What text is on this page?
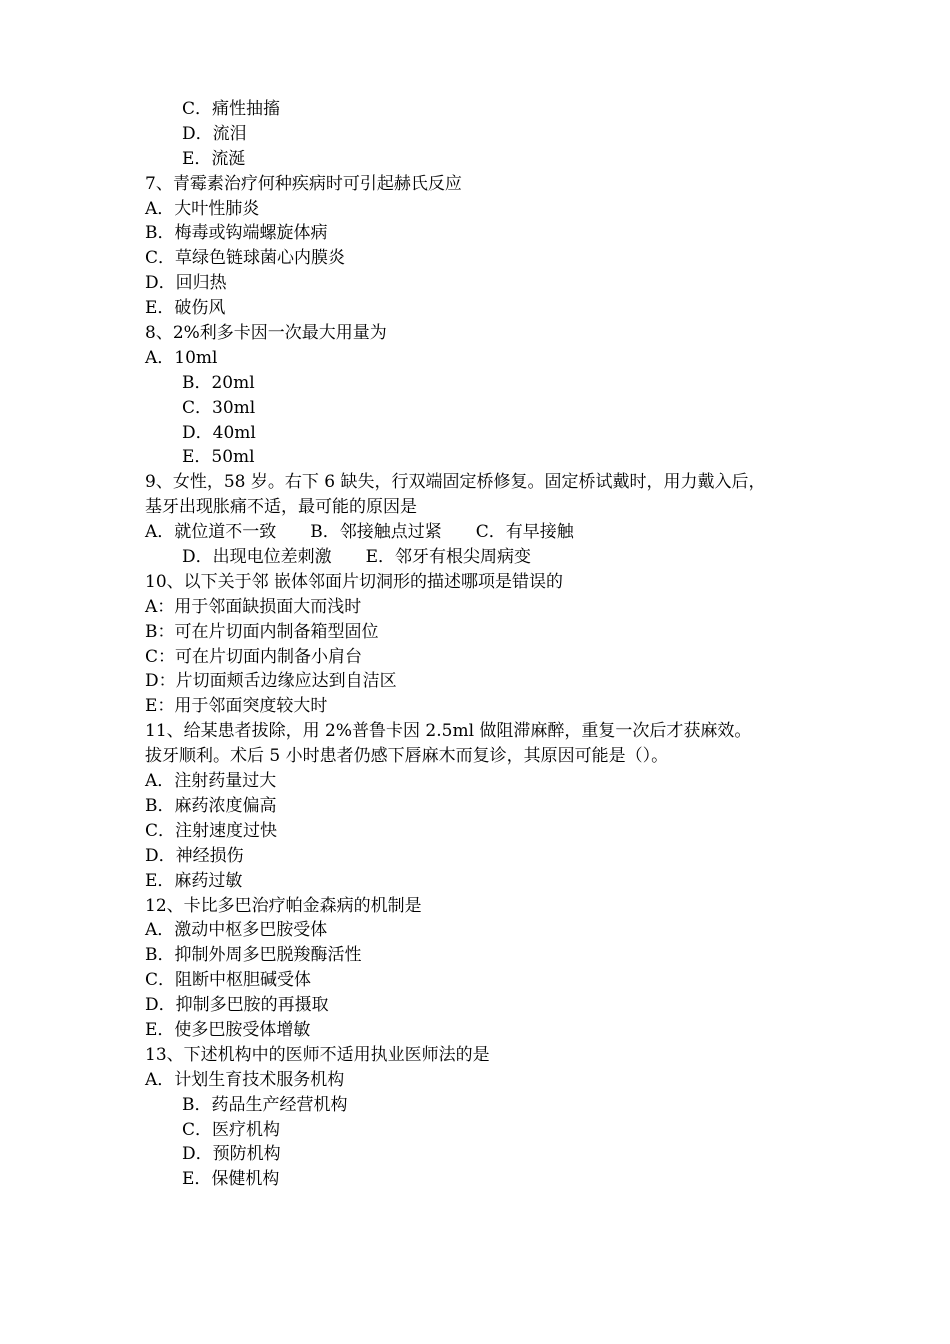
C．痛性抽搐
D．流泪
E．流涎
7、青霉素治疗何种疾病时可引起赫氏反应
A．大叶性肺炎
B．梅毒或钩端螺旋体病
C．草绿色链球菌心内膜炎
D．回归热
E．破伤风
8、2%利多卡因一次最大用量为
A．10ml
B．20ml
C．30ml
D．40ml
E．50ml
9、女性，58 岁。右下 6 缺失，行双端固定桥修复。固定桥试戴时，用力戴入后，
基牙出现胀痛不适，最可能的原因是
A．就位道不一致　　B．邻接触点过紧　　C．有早接触
D．出现电位差刺激　　E．邻牙有根尖周病变
10、以下关于邻 嵌体邻面片切洞形的描述哪项是错误的
A：用于邻面缺损面大而浅时
B：可在片切面内制备箱型固位
C：可在片切面内制备小肩台
D：片切面颊舌边缘应达到自洁区
E：用于邻面突度较大时
11、给某患者拔除，用 2%普鲁卡因 2.5ml 做阻滞麻醉，重复一次后才获麻效。
拔牙顺利。术后 5 小时患者仍感下唇麻木而复诊，其原因可能是（）。
A．注射药量过大
B．麻药浓度偏高
C．注射速度过快
D．神经损伤
E．麻药过敏
12、卡比多巴治疗帕金森病的机制是
A．激动中枢多巴胺受体
B．抑制外周多巴脱羧酶活性
C．阻断中枢胆碱受体
D．抑制多巴胺的再摄取
E．使多巴胺受体增敏
13、下述机构中的医师不适用执业医师法的是
A．计划生育技术服务机构
B．药品生产经营机构
C．医疗机构
D．预防机构
E．保健机构
